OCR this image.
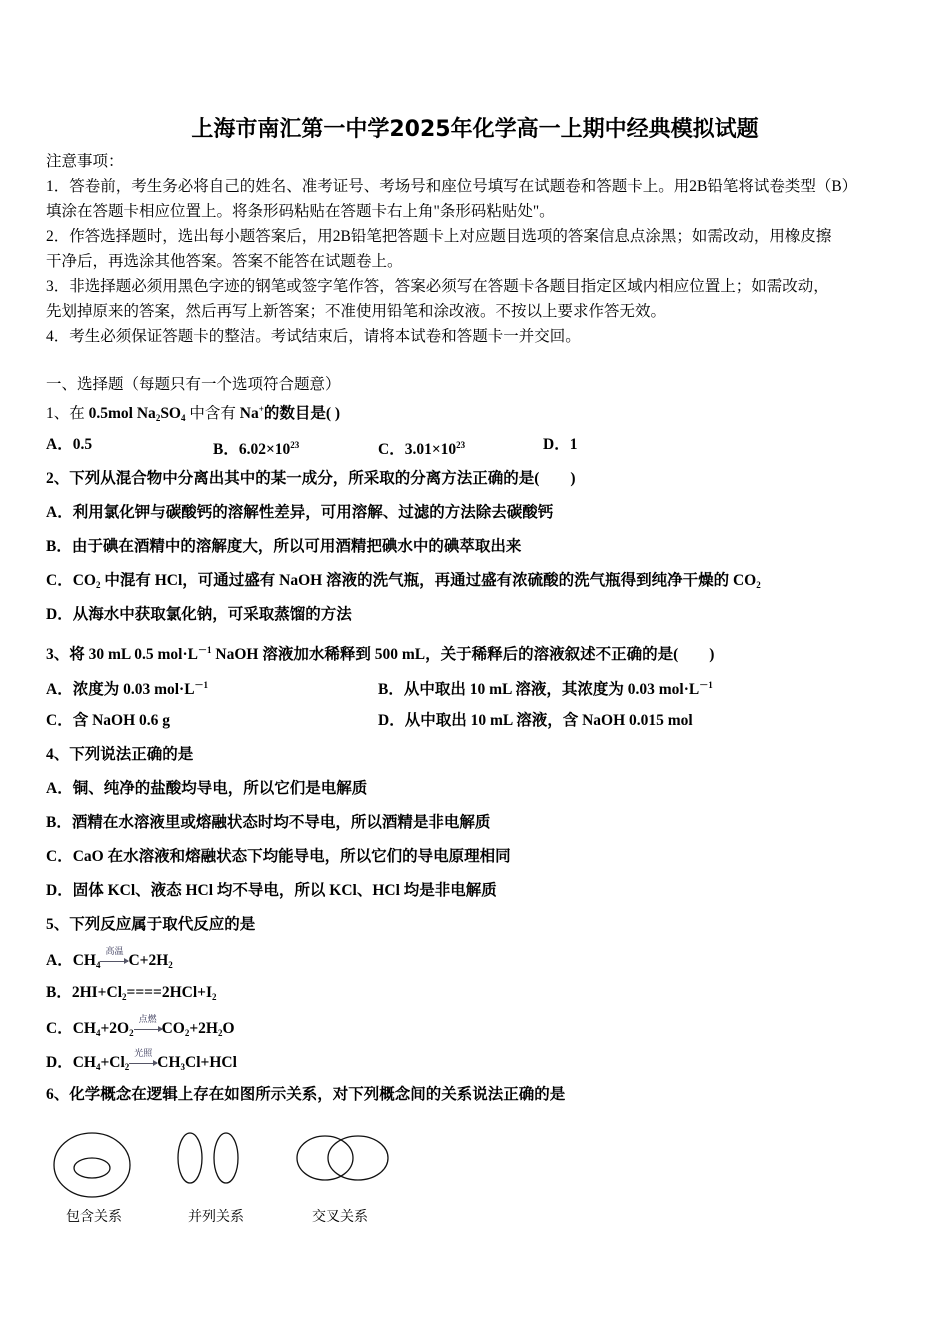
上海市南汇第一中学2025年化学高一上期中经典模拟试题
注意事项：
1．答卷前，考生务必将自己的姓名、准考证号、考场号和座位号填写在试题卷和答题卡上。用2B铅笔将试卷类型（B）
填涂在答题卡相应位置上。将条形码粘贴在答题卡右上角"条形码粘贴处"。
2．作答选择题时，选出每小题答案后，用2B铅笔把答题卡上对应题目选项的答案信息点涂黑；如需改动，用橡皮擦
干净后，再选涂其他答案。答案不能答在试题卷上。
3．非选择题必须用黑色字迹的钢笔或签字笔作答，答案必须写在答题卡各题目指定区域内相应位置上；如需改动，
先划掉原来的答案，然后再写上新答案；不准使用铅笔和涂改液。不按以上要求作答无效。
4．考生必须保证答题卡的整洁。考试结束后，请将本试卷和答题卡一并交回。
一、选择题（每题只有一个选项符合题意）
1、在 0.5mol $Na_2SO_4$ 中含有 Na+的数目是( )
A．0.5	B．$6.02\times 10^{23}$	C．$3.01\times 10^{23}$	D．1
2、下列从混合物中分离出其中的某一成分，所采取的分离方法正确的是(　　)
A．利用氯化钾与碳酸钙的溶解性差异，可用溶解、过滤的方法除去碳酸钙
B．由于碘在酒精中的溶解度大，所以可用酒精把碘水中的碘萃取出来
C．$CO_2$ 中混有 HCl，可通过盛有 NaOH 溶液的洗气瓶，再通过盛有浓硫酸的洗气瓶得到纯净干燥的 $CO_2$
D．从海水中获取氯化钠，可采取蒸馏的方法
3、将 30 mL 0.5 $mol\cdot L^{-1}$ NaOH 溶液加水稀释到 500 mL，关于稀释后的溶液叙述不正确的是(　　)
A．浓度为 0.03 $mol\cdot L^{-1}$	B．从中取出 10 mL 溶液，其浓度为 0.03 $mol\cdot L^{-1}$
C．含 NaOH 0.6 g	D．从中取出 10 mL 溶液，含 NaOH 0.015 mol
4、下列说法正确的是
A．铜、纯净的盐酸均导电，所以它们是电解质
B．酒精在水溶液里或熔融状态时均不导电，所以酒精是非电解质
C．CaO 在水溶液和熔融状态下均能导电，所以它们的导电原理相同
D．固体 KCl、液态 HCl 均不导电，所以 KCl、HCl 均是非电解质
5、下列反应属于取代反应的是
A．$CH_4$
高温
$C+2H_2$
B．$2HI+Cl_2====2HCl+I_2$
C．$CH_4+2O_2$
点燃
$CO_2+2H_2O$
D．$CH_4+Cl_2$
光照
$CH_3Cl+HCl$
6、化学概念在逻辑上存在如图所示关系，对下列概念间的关系说法正确的是
包含关系	并列关系	交叉关系
